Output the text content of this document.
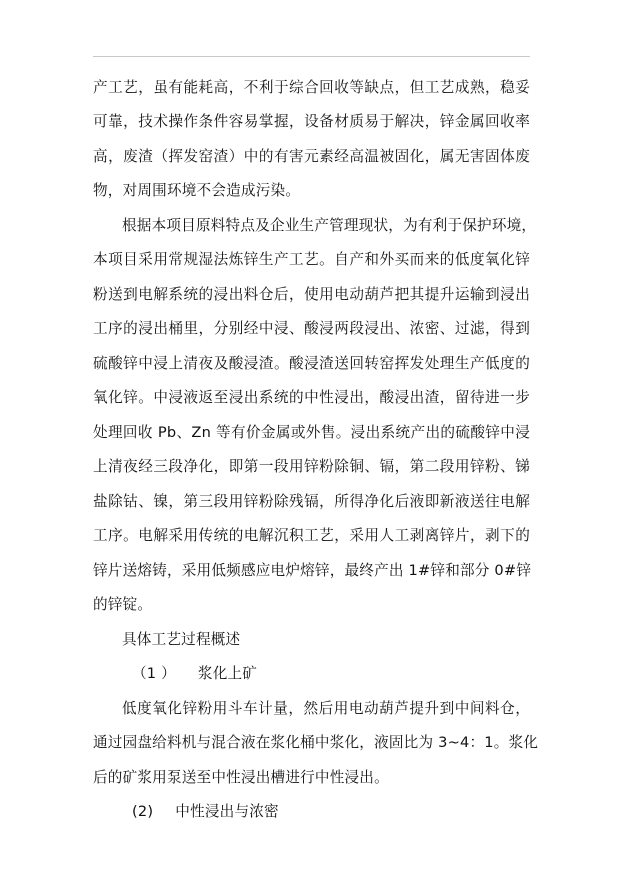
产工艺，虽有能耗高，不利于综合回收等缺点，但工艺成熟，稳妥
可靠，技术操作条件容易掌握，设备材质易于解决，锌金属回收率
高，废渣（挥发窑渣）中的有害元素经高温被固化，属无害固体废
物，对周围环境不会造成污染。
根据本项目原料特点及企业生产管理现状，为有利于保护环境，
本项目采用常规湿法炼锌生产工艺。自产和外买而来的低度氧化锌
粉送到电解系统的浸出料仓后，使用电动葫芦把其提升运输到浸出
工序的浸出桶里，分别经中浸、酸浸两段浸出、浓密、过滤，得到
硫酸锌中浸上清夜及酸浸渣。酸浸渣送回转窑挥发处理生产低度的
氧化锌。中浸液返至浸出系统的中性浸出，酸浸出渣，留待进一步
处理回收 Pb、Zn 等有价金属或外售。浸出系统产出的硫酸锌中浸
上清夜经三段净化，即第一段用锌粉除铜、镉，第二段用锌粉、锑
盐除钴、镍，第三段用锌粉除残镉，所得净化后液即新液送往电解
工序。电解采用传统的电解沉积工艺，采用人工剥离锌片，剥下的
锌片送熔铸，采用低频感应电炉熔锌，最终产出 1#锌和部分 0#锌
的锌锭。
具体工艺过程概述
（1 ） 浆化上矿
低度氧化锌粉用斗车计量，然后用电动葫芦提升到中间料仓，
通过园盘给料机与混合液在浆化桶中浆化，液固比为 3~4：1。浆化
后的矿浆用泵送至中性浸出槽进行中性浸出。
(2) 中性浸出与浓密
